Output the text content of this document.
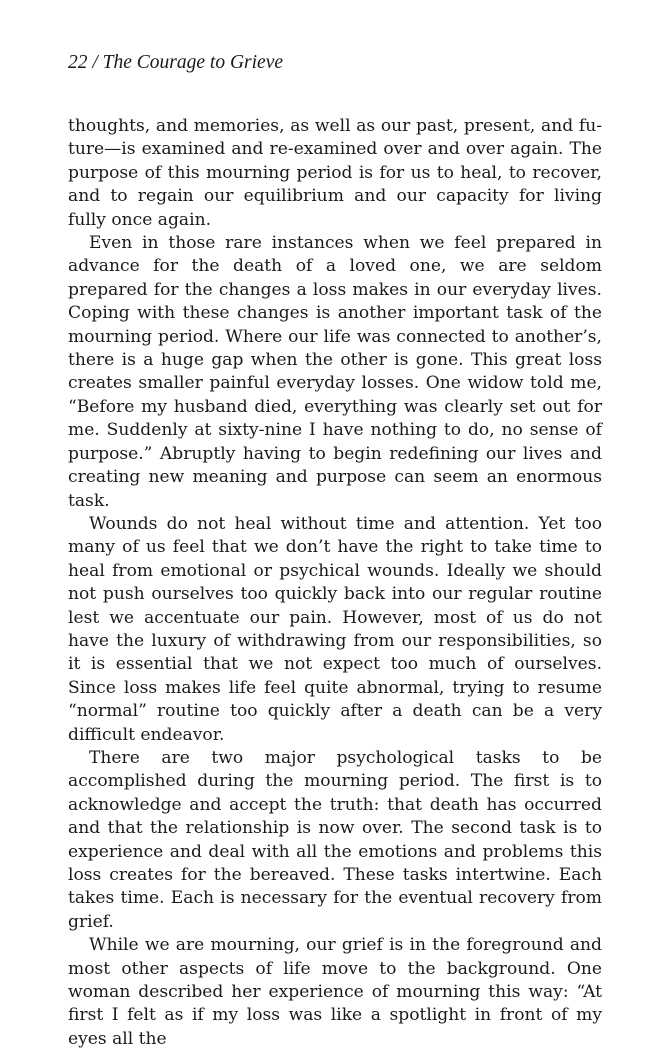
22 / The Courage to Grieve

thoughts, and memories, as well as our past, present, and future—is examined and re-examined over and over again. The purpose of this mourning period is for us to heal, to recover, and to regain our equilibrium and our capacity for living fully once again.

Even in those rare instances when we feel prepared in advance for the death of a loved one, we are seldom prepared for the changes a loss makes in our everyday lives. Coping with these changes is another important task of the mourning period. Where our life was connected to another’s, there is a huge gap when the other is gone. This great loss creates smaller painful everyday losses. One widow told me, “Before my husband died, everything was clearly set out for me. Suddenly at sixty-nine I have nothing to do, no sense of purpose.” Abruptly having to begin redefining our lives and creating new meaning and purpose can seem an enormous task.

Wounds do not heal without time and attention. Yet too many of us feel that we don’t have the right to take time to heal from emotional or psychical wounds. Ideally we should not push ourselves too quickly back into our regular routine lest we accentuate our pain. However, most of us do not have the luxury of withdrawing from our responsibilities, so it is essential that we not expect too much of ourselves. Since loss makes life feel quite abnormal, trying to resume “normal” routine too quickly after a death can be a very difficult endeavor.

There are two major psychological tasks to be accomplished during the mourning period. The first is to acknowledge and accept the truth: that death has occurred and that the relationship is now over. The second task is to experience and deal with all the emotions and problems this loss creates for the bereaved. These tasks intertwine. Each takes time. Each is necessary for the eventual recovery from grief.

While we are mourning, our grief is in the foreground and most other aspects of life move to the background. One woman described her experience of mourning this way: “At first I felt as if my loss was like a spotlight in front of my eyes all the
